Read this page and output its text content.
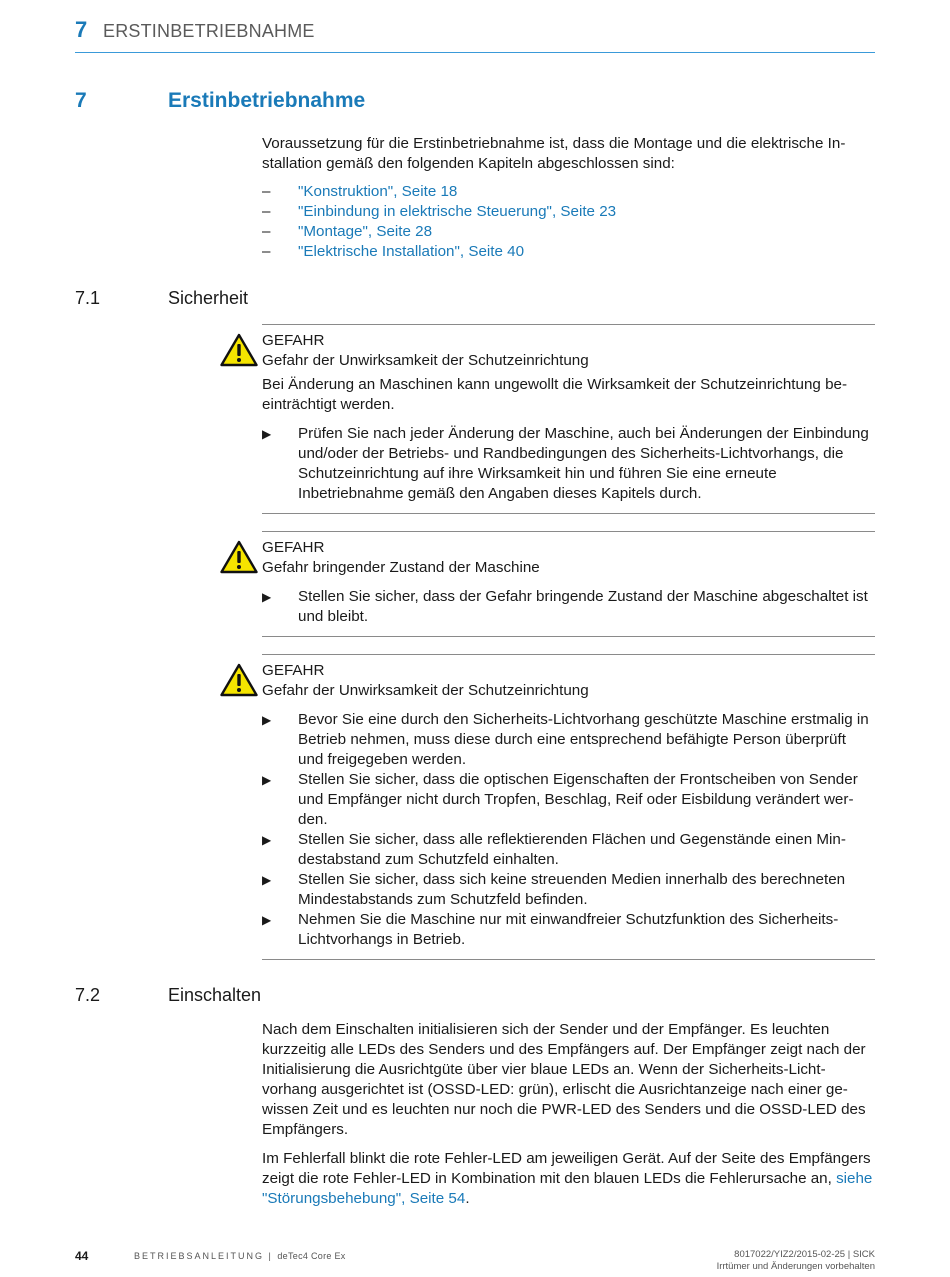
7 ERSTINBETRIEBNAHME
7	Erstinbetriebnahme

Voraussetzung für die Erstinbetriebnahme ist, dass die Montage und die elektrische Installation gemäß den folgenden Kapiteln abgeschlossen sind:

– "Konstruktion", Seite 18
– "Einbindung in elektrische Steuerung", Seite 23
– "Montage", Seite 28
– "Elektrische Installation", Seite 40
7.1	Sicherheit
GEFAHR
Gefahr der Unwirksamkeit der Schutzeinrichtung

Bei Änderung an Maschinen kann ungewollt die Wirksamkeit der Schutzeinrichtung beeinträchtigt werden.

▶ Prüfen Sie nach jeder Änderung der Maschine, auch bei Änderungen der Einbindung und/oder der Betriebs- und Randbedingungen des Sicherheits-Lichtvorhangs, die Schutzeinrichtung auf ihre Wirksamkeit hin und führen Sie eine erneute Inbetriebnahme gemäß den Angaben dieses Kapitels durch.
GEFAHR
Gefahr bringender Zustand der Maschine
▶ Stellen Sie sicher, dass der Gefahr bringende Zustand der Maschine abgeschaltet ist und bleibt.
GEFAHR
Gefahr der Unwirksamkeit der Schutzeinrichtung
▶ Bevor Sie eine durch den Sicherheits-Lichtvorhang geschützte Maschine erstmalig in Betrieb nehmen, muss diese durch eine entsprechend befähigte Person überprüft und freigegeben werden.
▶ Stellen Sie sicher, dass die optischen Eigenschaften der Frontscheiben von Sender und Empfänger nicht durch Tropfen, Beschlag, Reif oder Eisbildung verändert werden.
▶ Stellen Sie sicher, dass alle reflektierenden Flächen und Gegenstände einen Mindestabstand zum Schutzfeld einhalten.
▶ Stellen Sie sicher, dass sich keine streuenden Medien innerhalb des berechneten Mindestabstands zum Schutzfeld befinden.
▶ Nehmen Sie die Maschine nur mit einwandfreier Schutzfunktion des Sicherheits-Lichtvorhangs in Betrieb.
7.2	Einschalten

Nach dem Einschalten initialisieren sich der Sender und der Empfänger. Es leuchten kurzzeitig alle LEDs des Senders und des Empfängers auf. Der Empfänger zeigt nach der Initialisierung die Ausrichtgüte über vier blaue LEDs an. Wenn der Sicherheits-Lichtvorhang ausgerichtet ist (OSSD-LED: grün), erlischt die Ausrichtanzeige nach einer gewissen Zeit und es leuchten nur noch die PWR-LED des Senders und die OSSD-LED des Empfängers.

Im Fehlerfall blinkt die rote Fehler-LED am jeweiligen Gerät. Auf der Seite des Empfängers zeigt die rote Fehler-LED in Kombination mit den blauen LEDs die Fehlerursache an, siehe "Störungsbehebung", Seite 54.

44	BETRIEBSANLEITUNG | deTec4 Core Ex	8017022/YIZ2/2015-02-25 | SICK
Irrtümer und Änderungen vorbehalten
